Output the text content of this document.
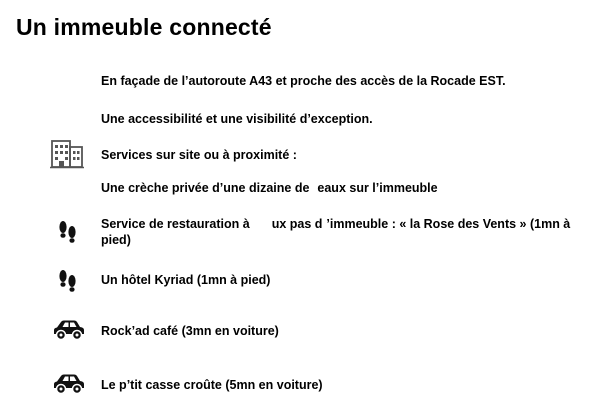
Un immeuble connecté
En façade de l’autoroute A43 et proche des accès de la Rocade EST.
Une accessibilité et une visibilité d’exception.
Services sur site ou à proximité :
Une crèche privée d’une dizaine de eaux sur l’immeuble
Service de restauration à ux pas d ’immeuble : « la Rose des Vents » (1mn à pied)
Un hôtel Kyriad (1mn à pied)
Rock’ad café (3mn en voiture)
Le p’tit casse croûte (5mn en voiture)
